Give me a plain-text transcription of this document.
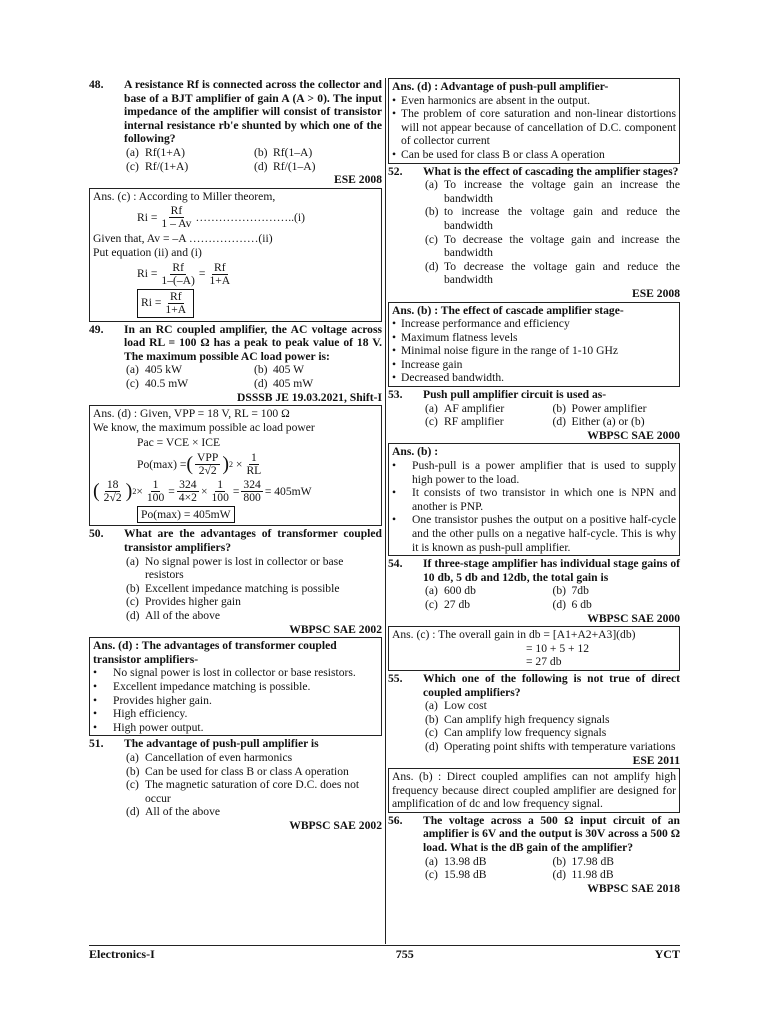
48.	A resistance Rf is connected across the collector and base of a BJT amplifier of gain A (A > 0). The input impedance of the amplifier will consist of transistor internal resistance rb'e shunted by which one of the following?
(a) Rf(1+A)	(b) Rf(1–A)
(c) Rf/(1+A)	(d) Rf/(1–A)
ESE 2008
Ans. (c) : According to Miller theorem,
$Ri = \frac{Rf}{1 - Av}$ ……………………..(i)
Given that, Av = –A ………………(ii)
Put equation (ii) and (i)
$Ri = \frac{Rf}{1-(-A)} = \frac{Rf}{1+A}$
$Ri = \frac{Rf}{1+A}$
49.	In an RC coupled amplifier, the AC voltage across load RL = 100 Ω has a peak to peak value of 18 V. The maximum possible AC load power is:
(a) 405 kW	(b) 405 W
(c) 40.5 mW	(d) 405 mW
DSSSB JE 19.03.2021, Shift-I
Ans. (d) : Given, VPP = 18 V, RL = 100 Ω
We know, the maximum possible ac load power
Pac = VCE × ICE
Po(max) = ( $\frac{\text{VPP}}{2√2}$ ) $2 \times \frac{1}{RL}$
( $\frac{18}{2√2}$ ) $2 \times \frac{1}{100} = \frac{324}{4\times 2} \times \frac{1}{100} = \frac{324}{800} = 405mW$
Po(max) = 405mW
50.	What are the advantages of transformer coupled transistor amplifiers?
(a) No signal power is lost in collector or base resistors
(b) Excellent impedance matching is possible
(c) Provides higher gain
(d) All of the above
WBPSC SAE 2002
Ans. (d) : The advantages of transformer coupled transistor amplifiers-
• No signal power is lost in collector or base resistors.
• Excellent impedance matching is possible.
• Provides higher gain.
• High efficiency.
• High power output.
51.	The advantage of push-pull amplifier is
(a) Cancellation of even harmonics
(b) Can be used for class B or class A operation
(c) The magnetic saturation of core D.C. does not occur
(d) All of the above
WBPSC SAE 2002
Ans. (d) : Advantage of push-pull amplifier-
• Even harmonics are absent in the output.
• The problem of core saturation and non-linear distortions will not appear because of cancellation of D.C. component of collector current
• Can be used for class B or class A operation
52.	What is the effect of cascading the amplifier stages?
(a) To increase the voltage gain an increase the bandwidth
(b) to increase the voltage gain and reduce the bandwidth
(c) To decrease the voltage gain and increase the bandwidth
(d) To decrease the voltage gain and reduce the bandwidth
ESE 2008
Ans. (b) : The effect of cascade amplifier stage-
• Increase performance and efficiency
• Maximum flatness levels
• Minimal noise figure in the range of 1-10 GHz
• Increase gain
• Decreased bandwidth.
53.	Push pull amplifier circuit is used as-
(a) AF amplifier	(b) Power amplifier
(c) RF amplifier	(d) Either (a) or (b)
WBPSC SAE 2000
Ans. (b) :
• Push-pull is a power amplifier that is used to supply high power to the load.
• It consists of two transistor in which one is NPN and another is PNP.
• One transistor pushes the output on a positive half-cycle and the other pulls on a negative half-cycle. This is why it is known as push-pull amplifier.
54.	If three-stage amplifier has individual stage gains of 10 db, 5 db and 12db, the total gain is
(a) 600 db	(b) 7db
(c) 27 db	(d) 6 db
WBPSC SAE 2000
Ans. (c) : The overall gain in db = [A1+A2+A3](db)
= 10 + 5 + 12
= 27 db
55.	Which one of the following is not true of direct coupled amplifiers?
(a) Low cost
(b) Can amplify high frequency signals
(c) Can amplify low frequency signals
(d) Operating point shifts with temperature variations
ESE 2011
Ans. (b) : Direct coupled amplifies can not amplify high frequency because direct coupled amplifier are designed for amplification of dc and low frequency signal.
56.	The voltage across a 500 Ω input circuit of an amplifier is 6V and the output is 30V across a 500 Ω load. What is the dB gain of the amplifier?
(a) 13.98 dB	(b) 17.98 dB
(c) 15.98 dB	(d) 11.98 dB
WBPSC SAE 2018
Electronics-I	755	YCT
